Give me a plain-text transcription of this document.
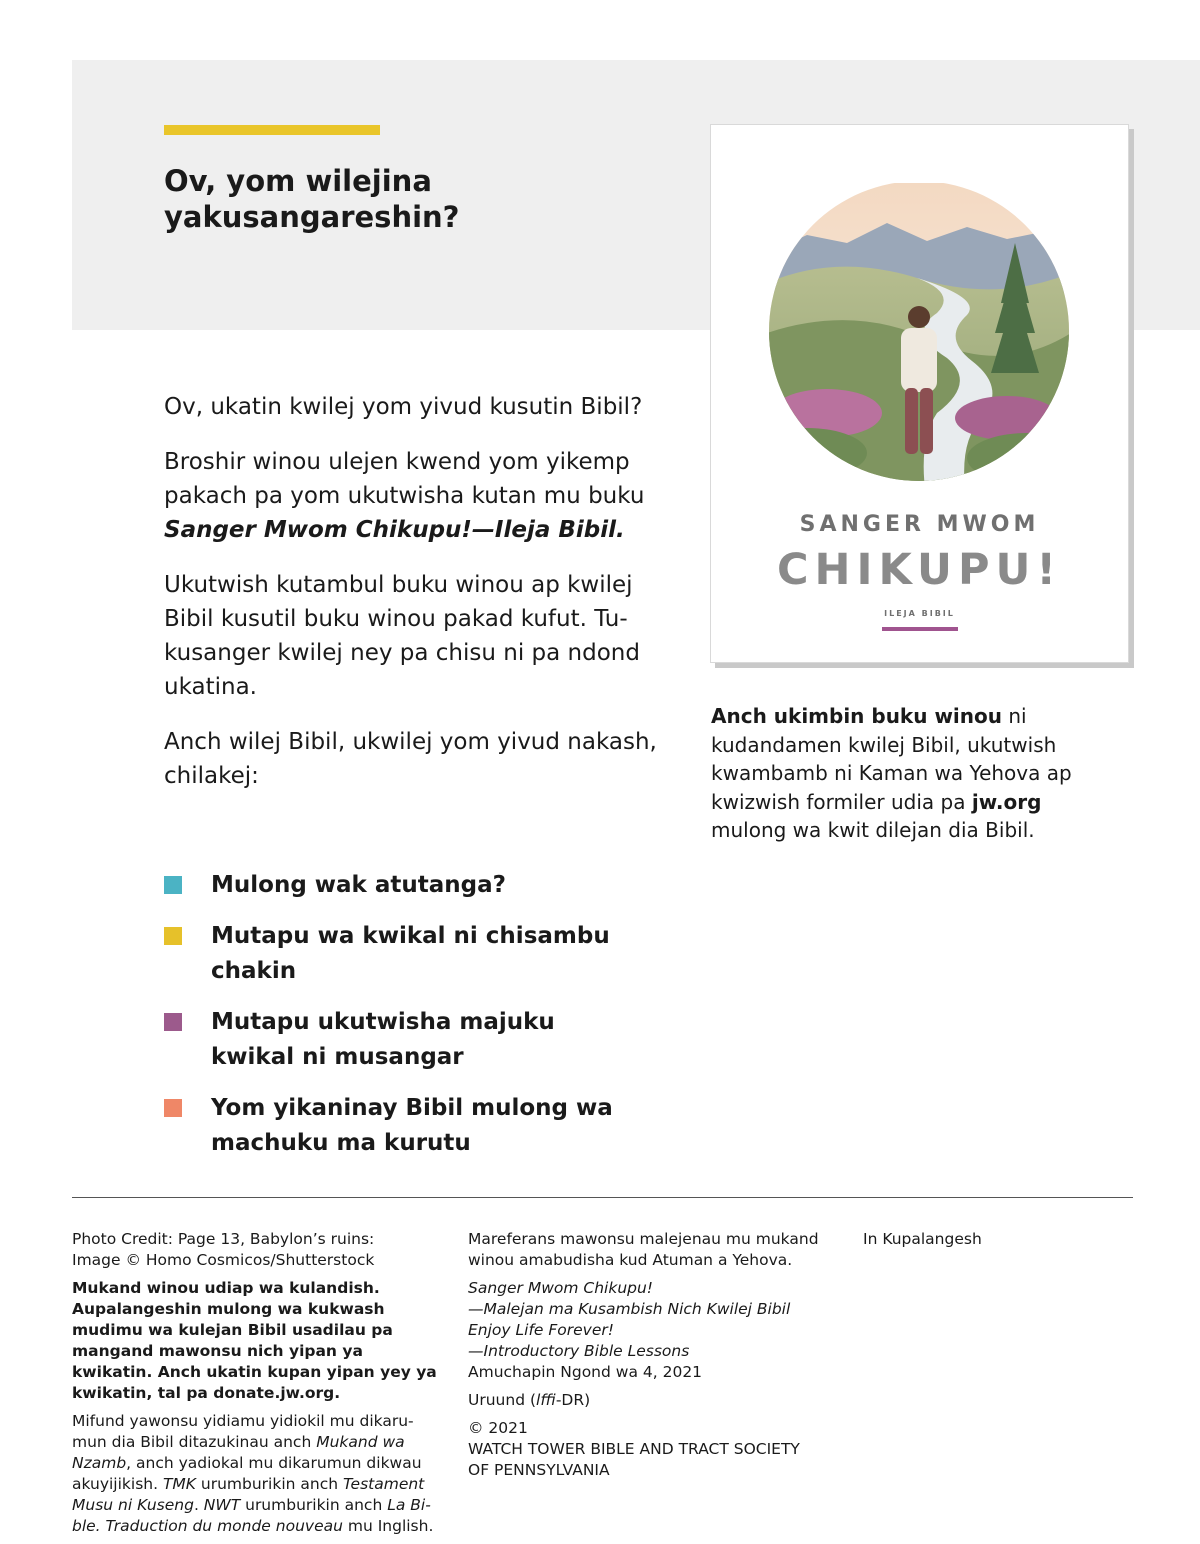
Ov, yom wilejina
yakusangareshin?

Ov, ukatin kwilej yom yivud kusutin Bibil?

Broshir winou ulejen kwend yom yikemp pakach pa yom ukutwisha kutan mu buku Sanger Mwom Chikupu!—Ileja Bibil.

Ukutwish kutambul buku winou ap kwilej Bibil kusutil buku winou pakad kufut. Tukusanger kwilej ney pa chisu ni pa ndond ukatina.

Anch wilej Bibil, ukwilej yom yivud nakash, chilakej:

Mulong wak atutanga?
Mutapu wa kwikal ni chisambu chakin
Mutapu ukutwisha majuku kwikal ni musangar
Yom yikaninay Bibil mulong wa machuku ma kurutu
SANGER MWOM
CHIKUPU!
ILEJA BIBIL

Anch ukimbin buku winou ni kudandamen kwilej Bibil, ukutwish kwambamb ni Kaman wa Yehova ap kwizwish formiler udia pa jw.org mulong wa kwit dilejan dia Bibil.

Photo Credit: Page 13, Babylon’s ruins:
Image © Homo Cosmicos/Shutterstock

Mukand winou udiap wa kulandish. Aupalangeshin mulong wa kukwash mudimu wa kulejan Bibil usadilau pa mangand mawonsu nich yipan ya kwikatin. Anch ukatin kupan yipan yey ya kwikatin, tal pa donate.jw.org.

Mifund yawonsu yidiamu yidiokil mu dikarumun dia Bibil ditazukinau anch Mukand wa Nzamb, anch yadiokal mu dikarumun dikwau akuyijikish. TMK urumburikin anch Testament Musu ni Kuseng. NWT urumburikin anch La Bible. Traduction du monde nouveau mu Inglish.

Mareferans mawonsu malejenau mu mukand winou amabudisha kud Atuman a Yehova.

Sanger Mwom Chikupu!
—Malejan ma Kusambish Nich Kwilej Bibil
Enjoy Life Forever!
—Introductory Bible Lessons
Amuchapin Ngond wa 4, 2021

Uruund (lffi-DR)

© 2021
WATCH TOWER BIBLE AND TRACT SOCIETY
OF PENNSYLVANIA

In Kupalangesh
